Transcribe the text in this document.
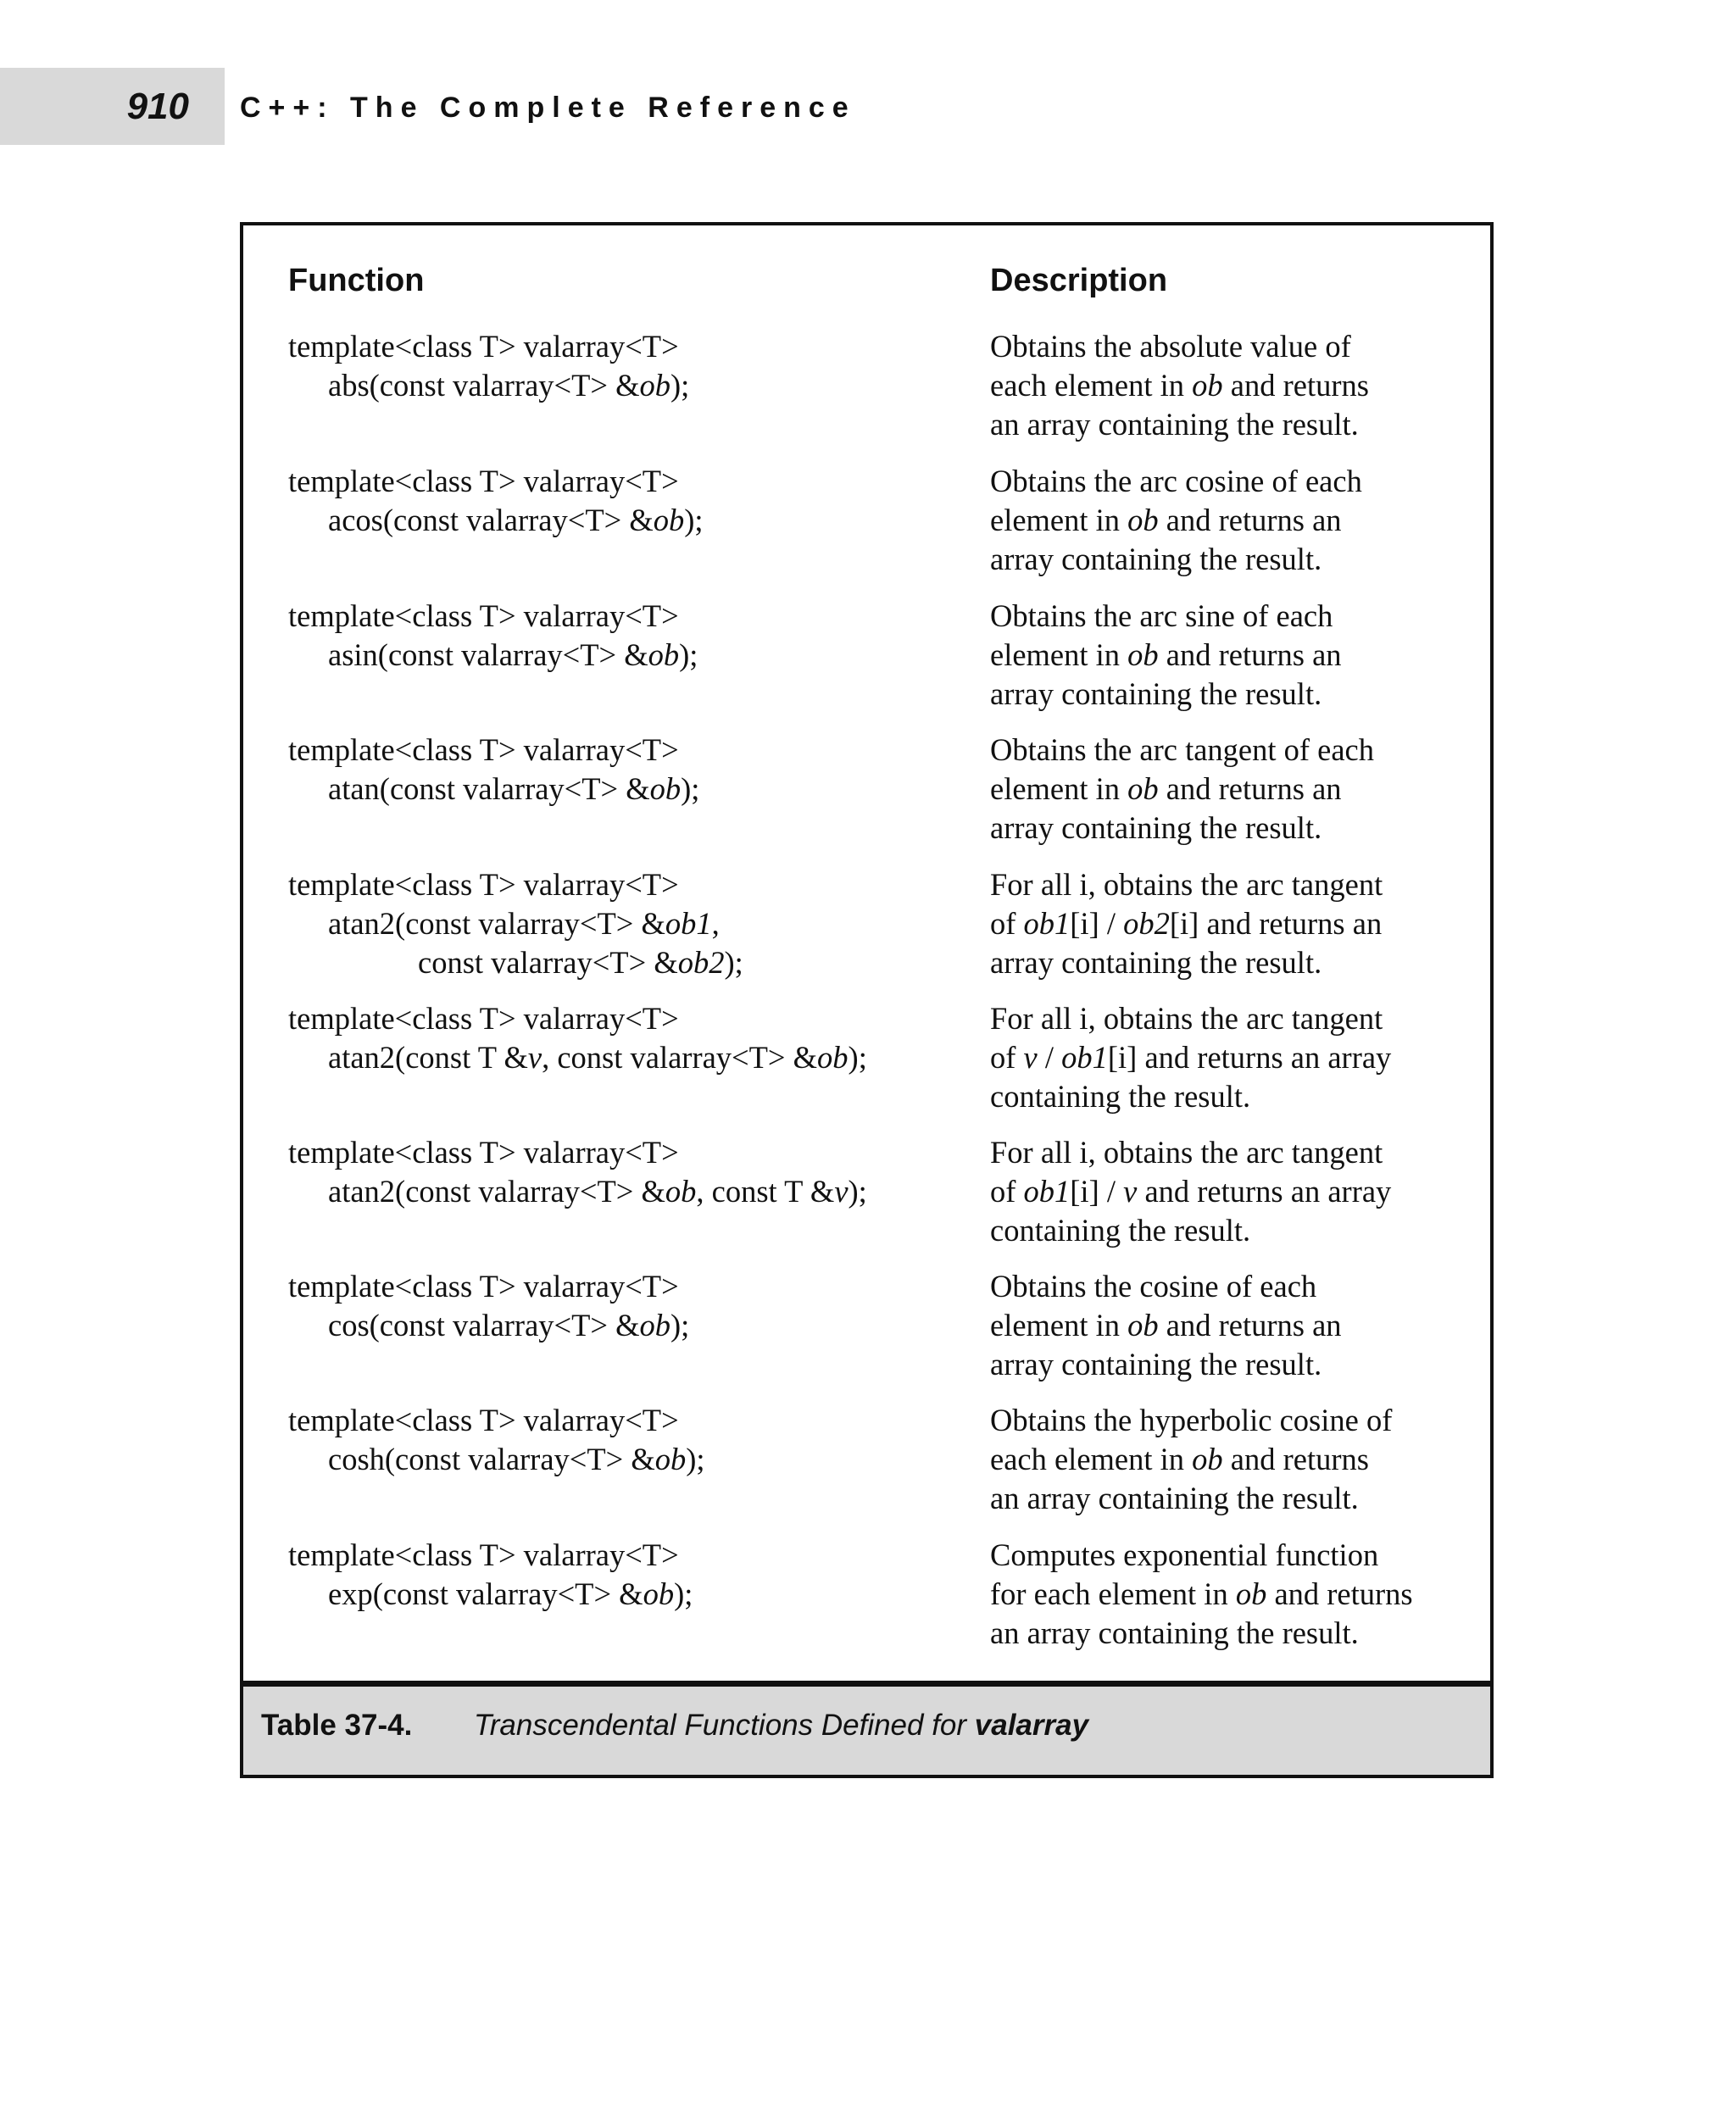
910 C++: The Complete Reference
Function	Description
template<class T> valarray<T>
abs(const valarray<T> &ob);
Obtains the absolute value of
each element in ob and returns
an array containing the result.
template<class T> valarray<T>
acos(const valarray<T> &ob);
Obtains the arc cosine of each
element in ob and returns an
array containing the result.
template<class T> valarray<T>
asin(const valarray<T> &ob);
Obtains the arc sine of each
element in ob and returns an
array containing the result.
template<class T> valarray<T>
atan(const valarray<T> &ob);
Obtains the arc tangent of each
element in ob and returns an
array containing the result.
template<class T> valarray<T>
atan2(const valarray<T> &ob1,
const valarray<T> &ob2);
For all i, obtains the arc tangent
of ob1[i] / ob2[i] and returns an
array containing the result.
template<class T> valarray<T>
atan2(const T &v, const valarray<T> &ob);
For all i, obtains the arc tangent
of v / ob1[i] and returns an array
containing the result.
template<class T> valarray<T>
atan2(const valarray<T> &ob, const T &v);
For all i, obtains the arc tangent
of ob1[i] / v and returns an array
containing the result.
template<class T> valarray<T>
cos(const valarray<T> &ob);
Obtains the cosine of each
element in ob and returns an
array containing the result.
template<class T> valarray<T>
cosh(const valarray<T> &ob);
Obtains the hyperbolic cosine of
each element in ob and returns
an array containing the result.
template<class T> valarray<T>
exp(const valarray<T> &ob);
Computes exponential function
for each element in ob and returns
an array containing the result.
Table 37-4. Transcendental Functions Defined for valarray
